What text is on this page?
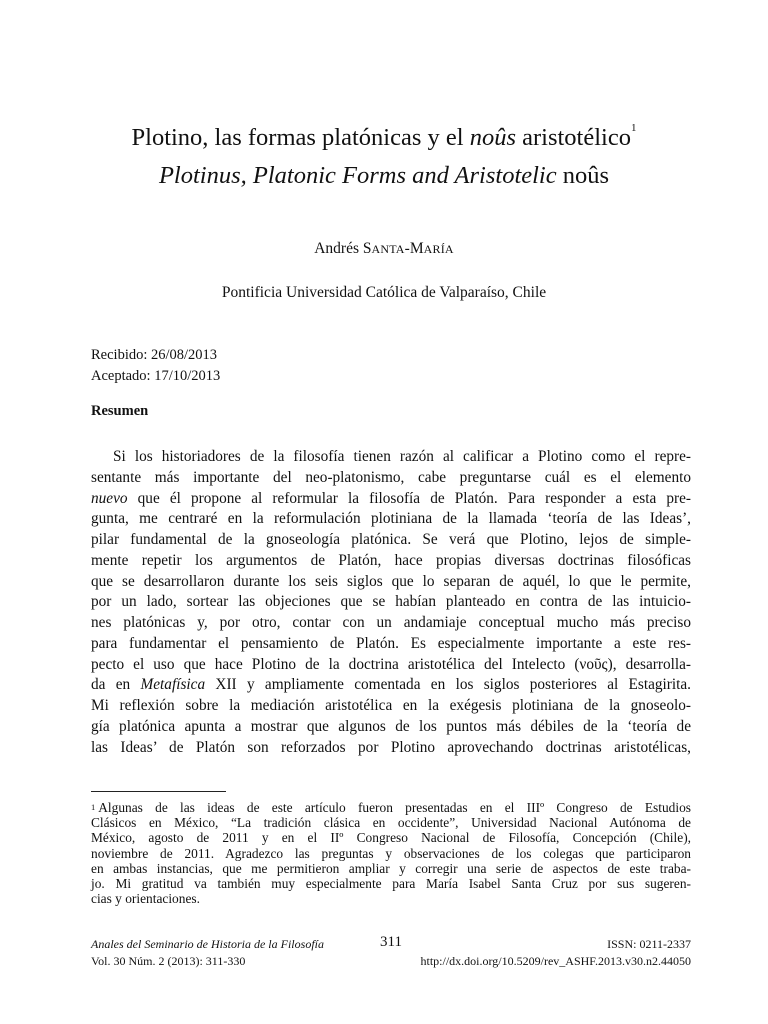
Plotino, las formas platónicas y el noûs aristotélico$^1$
Plotinus, Platonic Forms and Aristotelic noûs
Andrés SANTA-MARÍA
Pontificia Universidad Católica de Valparaíso, Chile
Recibido: 26/08/2013
Aceptado: 17/10/2013
Resumen
Si los historiadores de la filosofía tienen razón al calificar a Plotino como el repre-
sentante más importante del neo-platonismo, cabe preguntarse cuál es el elemento
nuevo que él propone al reformular la filosofía de Platón. Para responder a esta pre-
gunta, me centraré en la reformulación plotiniana de la llamada ‘teoría de las Ideas’,
pilar fundamental de la gnoseología platónica. Se verá que Plotino, lejos de simple-
mente repetir los argumentos de Platón, hace propias diversas doctrinas filosóficas
que se desarrollaron durante los seis siglos que lo separan de aquél, lo que le permite,
por un lado, sortear las objeciones que se habían planteado en contra de las intuicio-
nes platónicas y, por otro, contar con un andamiaje conceptual mucho más preciso
para fundamentar el pensamiento de Platón. Es especialmente importante a este res-
pecto el uso que hace Plotino de la doctrina aristotélica del Intelecto (νοῦς), desarrolla-
da en Metafísica XII y ampliamente comentada en los siglos posteriores al Estagirita.
Mi reflexión sobre la mediación aristotélica en la exégesis plotiniana de la gnoseolo-
gía platónica apunta a mostrar que algunos de los puntos más débiles de la ‘teoría de
las Ideas’ de Platón son reforzados por Plotino aprovechando doctrinas aristotélicas,
$^1$ Algunas de las ideas de este artículo fueron presentadas en el IIIº Congreso de Estudios
Clásicos en México, “La tradición clásica en occidente”, Universidad Nacional Autónoma de
México, agosto de 2011 y en el IIº Congreso Nacional de Filosofía, Concepción (Chile),
noviembre de 2011. Agradezco las preguntas y observaciones de los colegas que participaron
en ambas instancias, que me permitieron ampliar y corregir una serie de aspectos de este traba-
jo. Mi gratitud va también muy especialmente para María Isabel Santa Cruz por sus sugeren-
cias y orientaciones.
Anales del Seminario de Historia de la Filosofía
Vol. 30 Núm. 2 (2013): 311-330
311	ISSN: 0211-2337
http://dx.doi.org/10.5209/rev_ASHF.2013.v30.n2.44050
